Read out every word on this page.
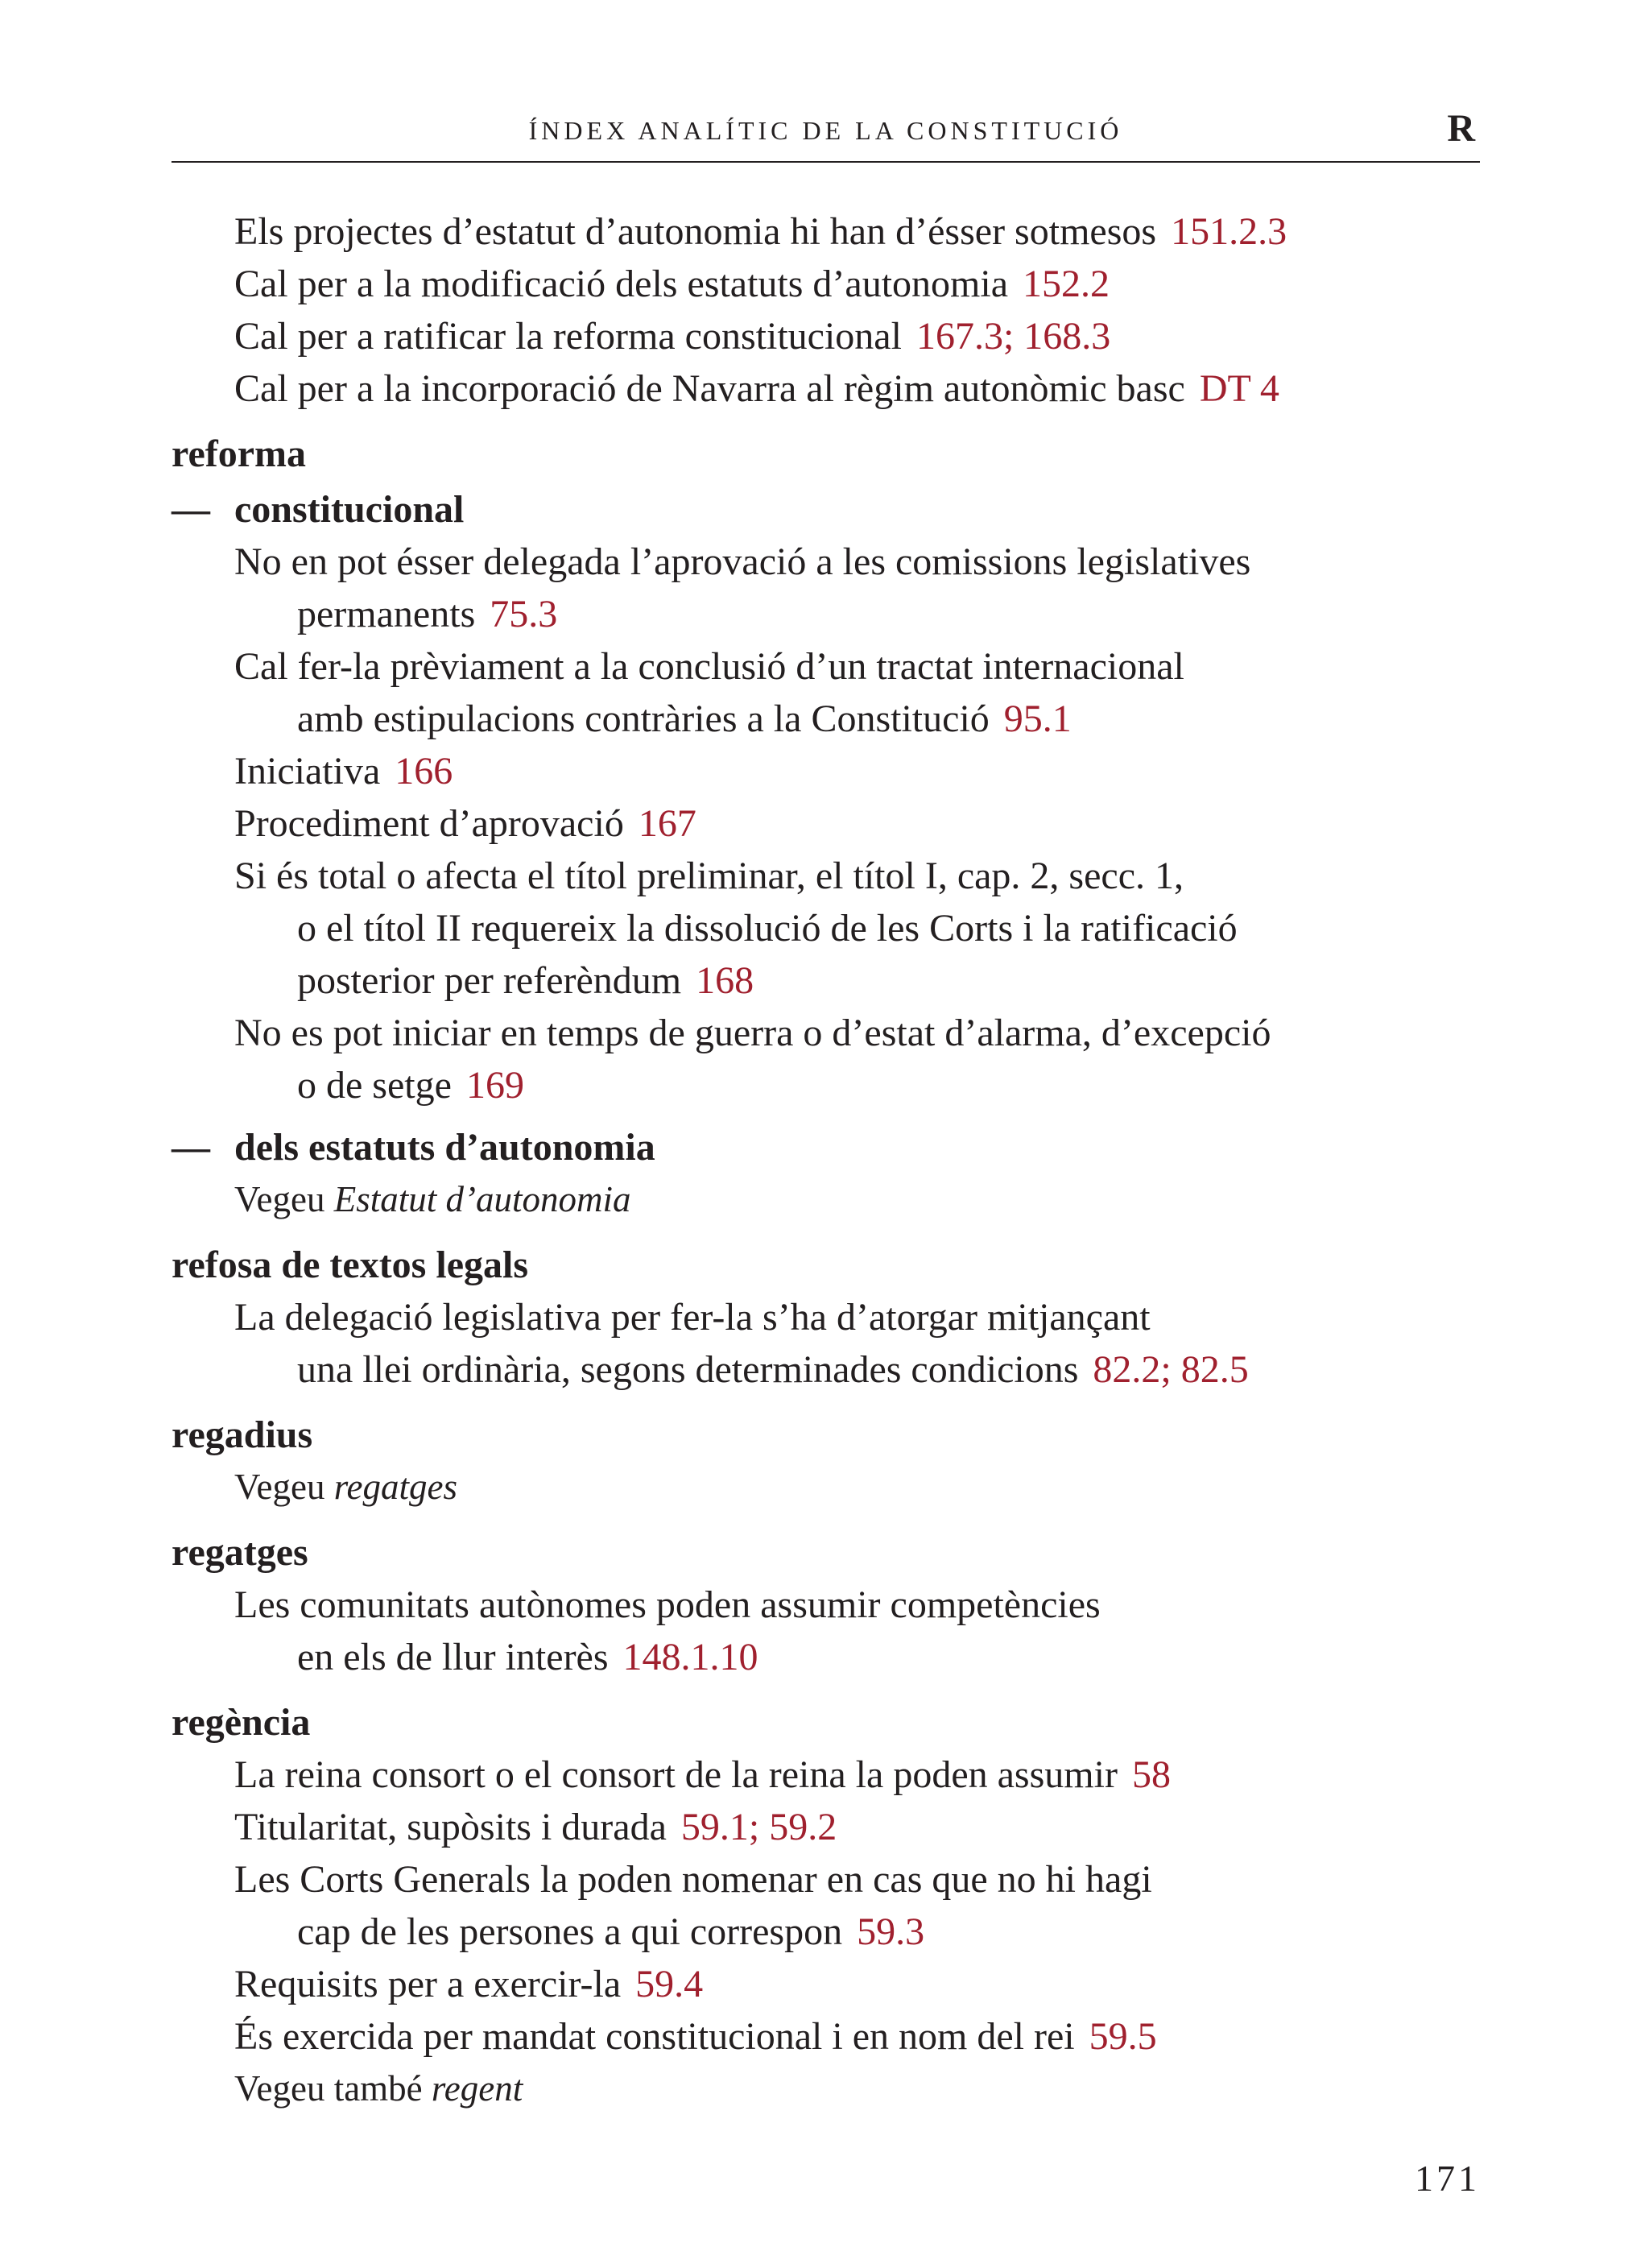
ÍNDEX ANALÍTIC DE LA CONSTITUCIÓ	R
Els projectes d’estatut d’autonomia hi han d’ésser sotmesos 151.2.3
Cal per a la modificació dels estatuts d’autonomia 152.2
Cal per a ratificar la reforma constitucional 167.3; 168.3
Cal per a la incorporació de Navarra al règim autonòmic basc DT 4
reforma
— constitucional
No en pot ésser delegada l’aprovació a les comissions legislatives
permanents 75.3
Cal fer-la prèviament a la conclusió d’un tractat internacional
amb estipulacions contràries a la Constitució 95.1
Iniciativa 166
Procediment d’aprovació 167
Si és total o afecta el títol preliminar, el títol I, cap. 2, secc. 1,
o el títol II requereix la dissolució de les Corts i la ratificació
posterior per referèndum 168
No es pot iniciar en temps de guerra o d’estat d’alarma, d’excepció
o de setge 169
— dels estatuts d’autonomia
Vegeu Estatut d’autonomia
refosa de textos legals
La delegació legislativa per fer-la s’ha d’atorgar mitjançant
una llei ordinària, segons determinades condicions 82.2; 82.5
regadius
Vegeu regatges
regatges
Les comunitats autònomes poden assumir competències
en els de llur interès 148.1.10
regència
La reina consort o el consort de la reina la poden assumir 58
Titularitat, supòsits i durada 59.1; 59.2
Les Corts Generals la poden nomenar en cas que no hi hagi
cap de les persones a qui correspon 59.3
Requisits per a exercir-la 59.4
És exercida per mandat constitucional i en nom del rei 59.5
Vegeu també regent
171
